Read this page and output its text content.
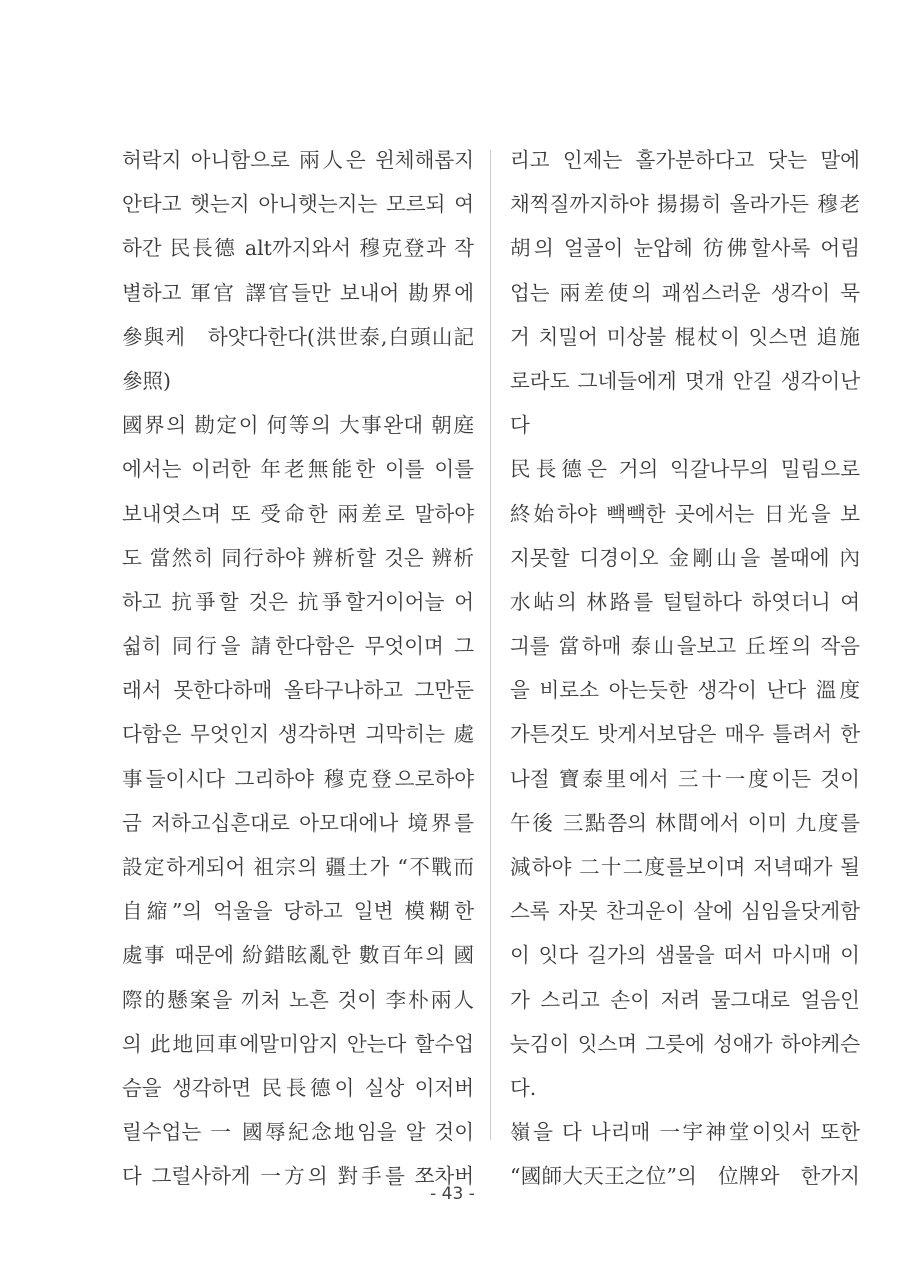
허락지 아니함으로 兩人은 윈체해롭지
안타고 햇는지 아니햇는지는 모르되 여
하간 民長德 alt까지와서 穆克登과 작
별하고 軍官 譯官들만 보내어 勘界에
參與케　하얏다한다(洪世泰,白頭山記
參照)
國界의 勘定이 何等의 大事완대 朝庭
에서는 이러한 年老無能한 이를 이를
보내엿스며 또 受命한 兩差로 말하야
도 當然히 同行하야 辨析할 것은 辨析
하고 抗爭할 것은 抗爭할거이어늘 어
쉷히 同行을 請한다함은 무엇이며 그
래서 못한다하매 올타구나하고 그만둔
다함은 무엇인지 생각하면 긔막히는 處
事들이시다 그리하야 穆克登으로하야
금 저하고십흔대로 아모대에나 境界를
設定하게되어 祖宗의 疆土가 “不戰而
自縮”의 억울을 당하고 일변 模糊한
處事 때문에 紛錯眩亂한 數百年의 國
際的懸案을 끼처 노흔 것이 李朴兩人
의 此地回車에말미암지 안는다 할수업
슴을 생각하면 民長德이 실상 이저버
릴수업는 一 國辱紀念地임을 알 것이
다 그럴사하게 一方의 對手를 쪼차버
리고 인제는 홀가분하다고 닷는 말에
채찍질까지하야 揚揚히 올라가든 穆老
胡의 얼골이 눈압헤 彷佛할사록 어림
업는 兩差使의 괘씸스러운 생각이 묵
거 치밀어 미상불 棍杖이 잇스면 追施
로라도 그네들에게 몃개 안길 생각이난
다
民長德은 거의 익갈나무의 밀림으로
終始하야 빽빽한 곳에서는 日光을 보
지못할 디경이오 金剛山을 볼때에 內
水岾의 林路를 털털하다 하엿더니 여
긔를 當하매 泰山을보고 丘垤의 작음
을 비로소 아는듯한 생각이 난다 溫度
가튼것도 밧게서보담은 매우 틀려서 한
나절 寶泰里에서 三十一度이든 것이
午後 三點쯤의 林間에서 이미 九度를
減하야 二十二度를보이며 저녁때가 될
스록 자못 찬긔운이 살에 심임을닷게함
이 잇다 길가의 샘물을 떠서 마시매 이
가 스리고 손이 저려 물그대로 얼음인
늣김이 잇스며 그릇에 성애가 하야케슨
다.
嶺을 다 나리매 一宇神堂이잇서 또한
“國師大天王之位”의　位牌와　한가지
- 43 -
